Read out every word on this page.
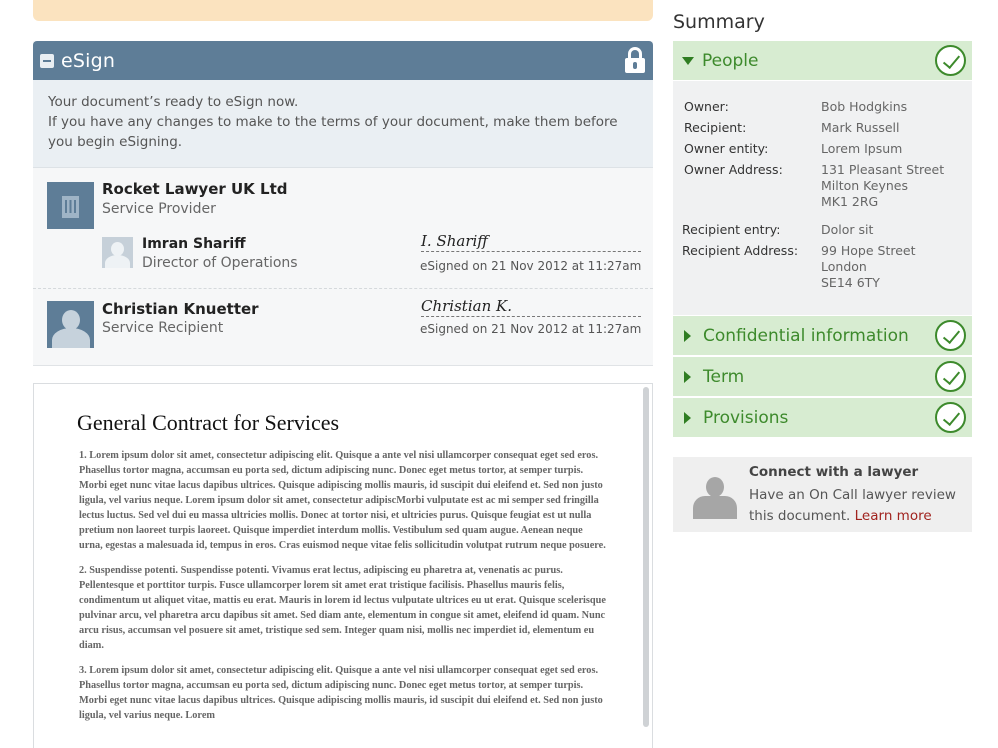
eSign
Your document’s ready to eSign now.
If you have any changes to make to the terms of your document, make them before you begin eSigning.
Rocket Lawyer UK Ltd
Service Provider
Imran Shariff
Director of Operations
I. Shariff
eSigned on 21 Nov 2012 at 11:27am
Christian Knuetter
Service Recipient
Christian K.
eSigned on 21 Nov 2012 at 11:27am
General Contract for Services

1. Lorem ipsum dolor sit amet, consectetur adipiscing elit. Quisque a ante vel nisi ullamcorper consequat eget sed eros. Phasellus tortor magna, accumsan eu porta sed, dictum adipiscing nunc. Donec eget metus tortor, at semper turpis. Morbi eget nunc vitae lacus dapibus ultrices. Quisque adipiscing mollis mauris, id suscipit dui eleifend et. Sed non justo ligula, vel varius neque. Lorem ipsum dolor sit amet, consectetur adipiscMorbi vulputate est ac mi semper sed fringilla lectus luctus. Sed vel dui eu massa ultricies mollis. Donec at tortor nisi, et ultricies purus. Quisque feugiat est ut nulla pretium non laoreet turpis laoreet. Quisque imperdiet interdum mollis. Vestibulum sed quam augue. Aenean neque urna, egestas a malesuada id, tempus in eros. Cras euismod neque vitae felis sollicitudin volutpat rutrum neque posuere.

2. Suspendisse potenti. Suspendisse potenti. Vivamus erat lectus, adipiscing eu pharetra at, venenatis ac purus. Pellentesque et porttitor turpis. Fusce ullamcorper lorem sit amet erat tristique facilisis. Phasellus mauris felis, condimentum ut aliquet vitae, mattis eu erat. Mauris in lorem id lectus vulputate ultrices eu ut erat. Quisque scelerisque pulvinar arcu, vel pharetra arcu dapibus sit amet. Sed diam ante, elementum in congue sit amet, eleifend id quam. Nunc arcu risus, accumsan vel posuere sit amet, tristique sed sem. Integer quam nisi, mollis nec imperdiet id, elementum eu diam.

3. Lorem ipsum dolor sit amet, consectetur adipiscing elit. Quisque a ante vel nisi ullamcorper consequat eget sed eros. Phasellus tortor magna, accumsan eu porta sed, dictum adipiscing nunc. Donec eget metus tortor, at semper turpis. Morbi eget nunc vitae lacus dapibus ultrices. Quisque adipiscing mollis mauris, id suscipit dui eleifend et. Sed non justo ligula, vel varius neque. Lorem

Summary
People
Owner:	Bob Hodgkins
Recipient:	Mark Russell
Owner entity:	Lorem Ipsum
Owner Address:	131 Pleasant Street
Milton Keynes
MK1 2RG
Recipient entry:	Dolor sit
Recipient Address: 99 Hope Street
London
SE14 6TY
Confidential information
Term
Provisions
Connect with a lawyer
Have an On Call lawyer review this document. Learn more
